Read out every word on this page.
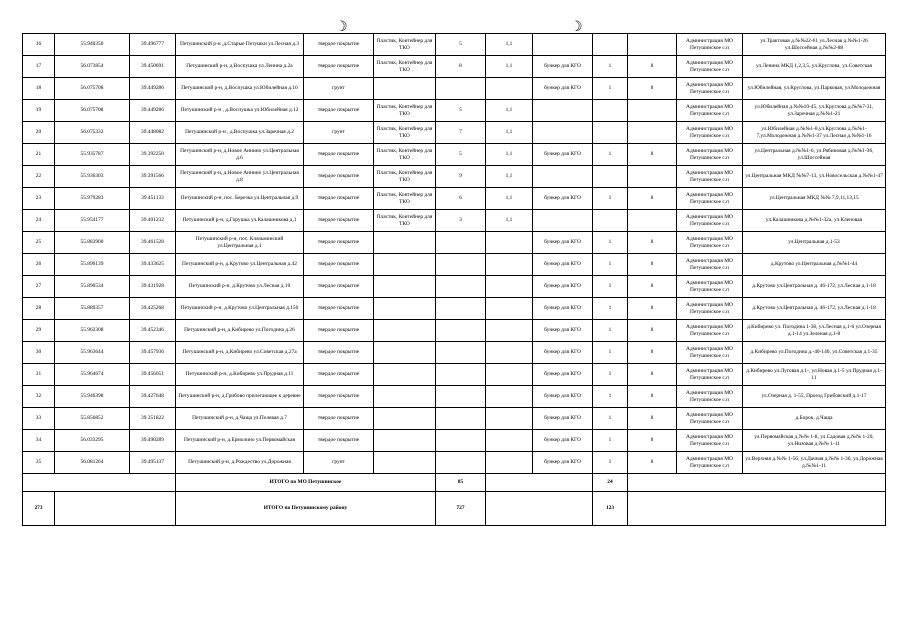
☽	☽
16	55.940350	39.496777	Петушинский р-н ,д.Старые Петушки ул.Лесная д.3	твердое покрытие	Пластик, Контейнер для ТКО	5	1,1				Администрация МО Петушинское с.п	ул.Трактовая д.№№22-61 ул.Лесная д.№№1-26 ул.Шоссейная д.№№2-88
17	56.073854	39.450691	Петушинский р-н, д.Воспушка ул.Ленина д.2а	твердое покрытие	Пластик, Контейнер для ТКО	8	1,1	бункер для КГО	1	8	Администрация МО Петушинское с.п	ул.Ленина МКД 1,2,3,5, ул.Круглова, ул.Советская
18	56.075708	39.449286	Петушинский р-н, д.Воспушка ул.Юбилейная д.16	грунт				бункер для КГО	1	8	Администрация МО Петушинское с.п	ул.Юбилейная, ул.Круглова, ул.Парковая, ул.Молодежная
19	56.075708	39.449286	Петушинский р-н , д.Воспушка ул.Юбилейная д.12	твердое покрытие	Пластик, Контейнер для ТКО	5	1,1				Администрация МО Петушинское с.п	ул.Юбилейная д.№№10-45, ул.Круглова д.№№7-31, ул.Заречная д.№№1-21
20	56.075332	39.448082	Петушинский р-н , д.Воспушка ул.Заречная д.2	грунт	Пластик, Контейнер для ТКО	7	1,1				Администрация МО Петушинское с.п	ул.Юбилейная д.№№1-8,ул.Круглова д.№№1-7,ул.Молодежная д.№№1-37 ул.Лесная д.№№1-16
21	55.935787	39.392250	Петушинский р-н, д.Новое Аннино ул.Центральная д.6	твердое покрытие	Пластик, Контейнер для ТКО	5	1,1	бункер для КГО	1	8	Администрация МО Петушинское с.п	ул.Центральная д.№№1-6, ул.Рябиновая д.№№1-36, ул.Шоссейная
22	55.936303	39.391566	Петушинский р-н, д.Новое Аннино ул.Центральная д.8	твердое покрытие	Пластик, Контейнер для ТКО	9	1,1				Администрация МО Петушинское с.п	ул.Центральная МКД №№7-13, ул.Новосельская д.№№1-47
23	55.979283	39.451133	Петушинский р-н, пос. Березка ул.Центральная д.9	твердое покрытие	Пластик, Контейнер для ТКО	6	1,1	бункер для КГО	1	8	Администрация МО Петушинское с.п	ул.Центральная МКД №№ 7,9,11,13,15
24	55.954177	39.401232	Петушинский р-н, д.Горушка ул.Калашникова д.1	твердое покрытие	Пластик, Контейнер для ТКО	3	1,1				Администрация МО Петушинское с.п	ул.Калашникова д.№№1-32а, ул.Кленовая
25	55.883900	39.461528	Петушинский р-н, пос. Клязьминский ул.Центральная д.1	твердое покрытие				бункер для КГО	1	8	Администрация МО Петушинское с.п	ул.Центральная д.1-53
26	55.896139	39.433625	Петушинский р-н, д.Крутово ул.Центральная д.42	твердое покрытие				бункер для КГО	1	8	Администрация МО Петушинское с.п	д.Крутово ул.Центральная д.№№1-44
27	55.896534	39.431928	Петушинский р-н, д.Крутово ул.Лесная д.10	твердое покрытие				бункер для КГО	1	8	Администрация МО Петушинское с.п	д.Крутово ул.Центральная д. 46-172, ул.Лесная д.1-18
28	55.889357	39.425268	Петушинский р-н, д.Крутово ул.Центральная д.150	твердое покрытие				бункер для КГО	1	8	Администрация МО Петушинское с.п	д.Крутово ул.Центральная д. 46-172, ул.Лесная д.1-18
29	55.962308	39.452346	Петушинский р-н, д.Кибирево ул.Погодина д.26	твердое покрытие				бункер для КГО	1	8	Администрация МО Петушинское с.п	д.Кибирево ул. Погодина 1-38, ул.Лесная д.1-6 ул.Озерная д.1-14 ул.Зеленая д.1-8
30	55.963644	39.457936	Петушинский р-н, д.Кибирево ул.Советская д.27а	твердое покрытие				бункер для КГО	1	8	Администрация МО Петушинское с.п	д.Кибирево ул.Погодина д.-40-140, ул.Советская д.1-35
31	55.964674	39.456051	Петушинский р-н, д.Кибирево ул.Прудная д.11	твердое покрытие				бункер для КГО	1	8	Администрация МО Петушинское с.п	д.Кибирево ул.Луговая д.1-, ул.Новая д.1-5 ул.Прудная д.1-11
32	55.946398	39.427648	Петушинский р-н, д.Грибово прилегающее к деревне	твердое покрытие				бункер для КГО	1	8	Администрация МО Петушинское с.п	ул.Озерная д. 1-55, Проезд Грибовский д.1-17
33	55.856852	39.351822	Петушинский р-н, д.Чаща ул.Полевая д.7	твердое покрытие				бункер для КГО	1	8	Администрация МО Петушинское с.п	д.Борок, д.Чаща
34	56.033295	39.490289	Петушинский р-н, д.Ермолино ул.Первомайская	твердое покрытие				бункер для КГО	1	8	Администрация МО Петушинское с.п	ул.Первомайская д.№№ 1-8, ул.Садовая д.№№ 1-20, ул.Низовая д.№№ 1-11
35	56.081264	39.495137	Петушинский р-н, д.Рождество ул.Дорожная	грунт				бункер для КГО	1	8	Администрация МО Петушинское с.п	ул.Верхняя д.№№ 1-56, ул.Дачная д.№№ 1-36, ул.Дорожная д.№№1-11
			ИТОГО по МО Петушинское			85			24			
273			ИТОГО по Петушинскому району			727			123			
